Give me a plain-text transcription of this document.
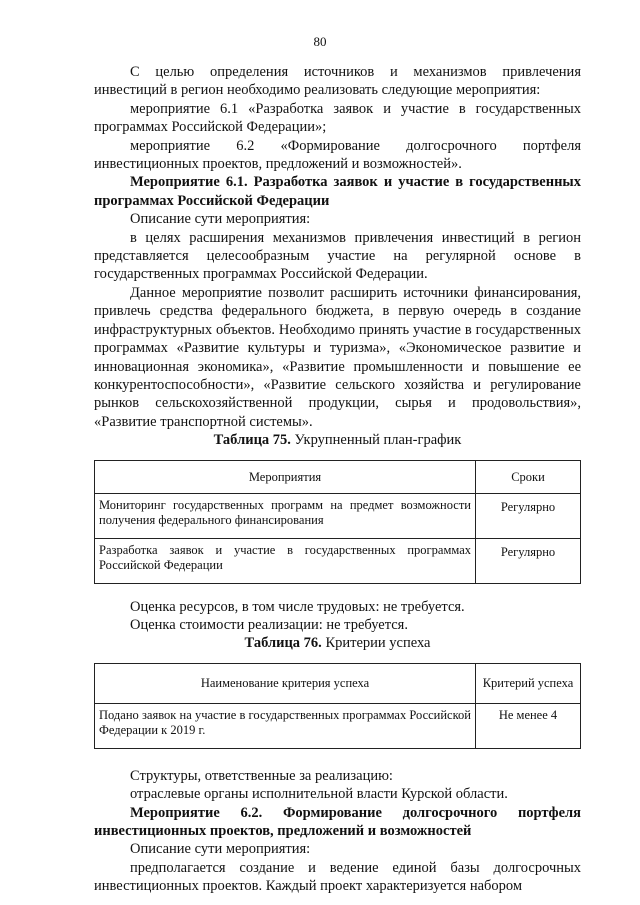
80

С целью определения источников и механизмов привлечения инвестиций в регион необходимо реализовать следующие мероприятия:

мероприятие 6.1 «Разработка заявок и участие в государственных программах Российской Федерации»;

мероприятие 6.2 «Формирование долгосрочного портфеля инвестиционных проектов, предложений и возможностей».

Мероприятие 6.1. Разработка заявок и участие в государственных программах Российской Федерации

Описание сути мероприятия:

в целях расширения механизмов привлечения инвестиций в регион представляется целесообразным участие на регулярной основе в государственных программах Российской Федерации.

Данное мероприятие позволит расширить источники финансирования, привлечь средства федерального бюджета, в первую очередь в создание инфраструктурных объектов. Необходимо принять участие в государственных программах «Развитие культуры и туризма», «Экономическое развитие и инновационная экономика», «Развитие промышленности и повышение ее конкурентоспособности», «Развитие сельского хозяйства и регулирование рынков сельскохозяйственной продукции, сырья и продовольствия», «Развитие транспортной системы».

Таблица 75. Укрупненный план-график
Мероприятия	Сроки
Мониторинг государственных программ на предмет возможности получения федерального финансирования	Регулярно
Разработка заявок и участие в государственных программах Российской Федерации	Регулярно

Оценка ресурсов, в том числе трудовых: не требуется.

Оценка стоимости реализации: не требуется.

Таблица 76. Критерии успеха
Наименование критерия успеха	Критерий успеха
Подано заявок на участие в государственных программах Российской Федерации к 2019 г.	Не менее 4

Структуры, ответственные за реализацию:

отраслевые органы исполнительной власти Курской области.

Мероприятие 6.2. Формирование долгосрочного портфеля инвестиционных проектов, предложений и возможностей

Описание сути мероприятия:

предполагается создание и ведение единой базы долгосрочных инвестиционных проектов. Каждый проект характеризуется набором
